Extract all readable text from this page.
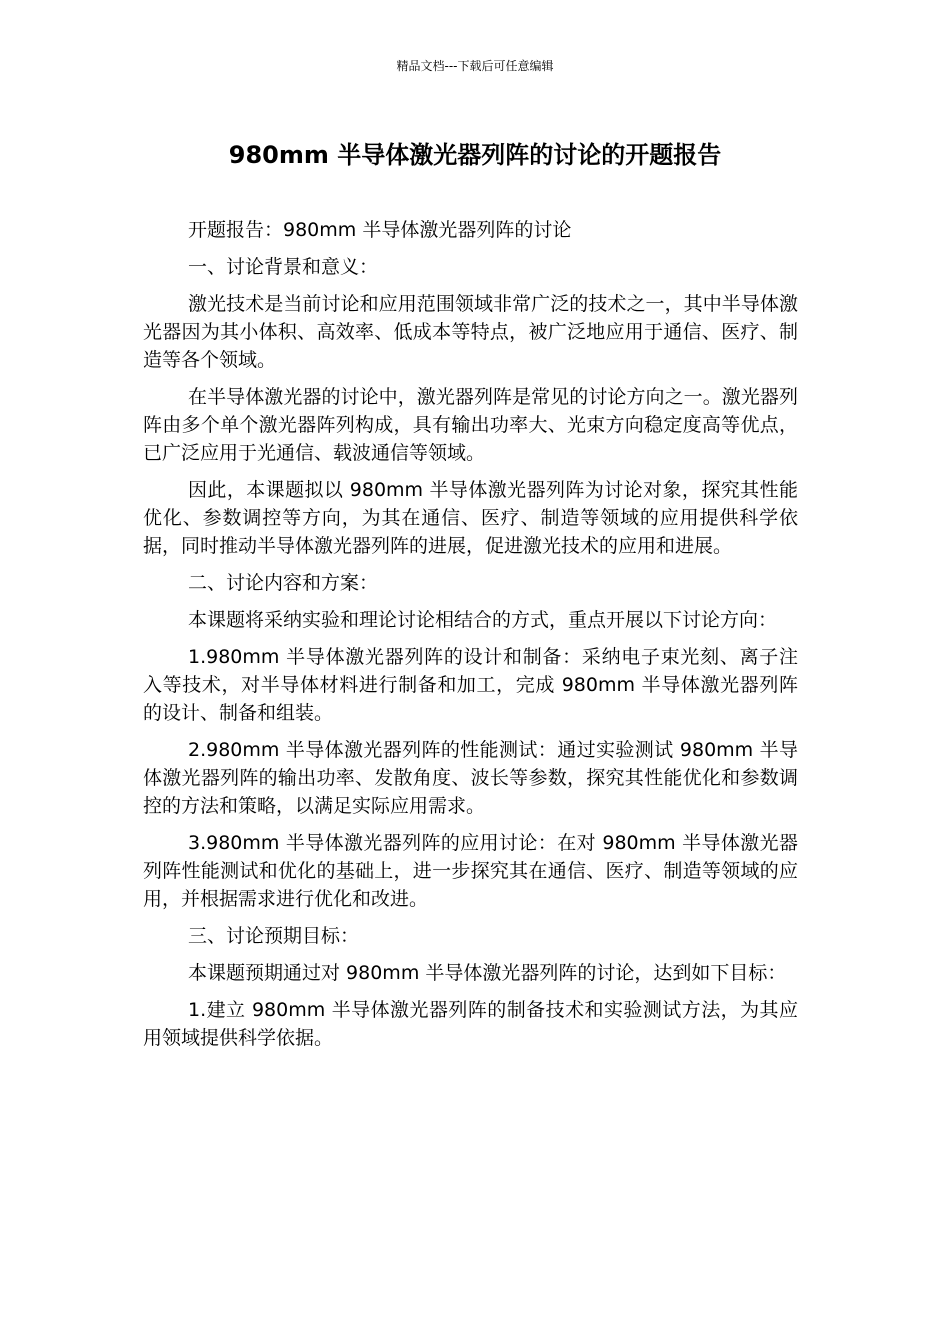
精品文档---下载后可任意编辑
980mm 半导体激光器列阵的讨论的开题报告

开题报告：980mm 半导体激光器列阵的讨论

一、讨论背景和意义：

激光技术是当前讨论和应用范围领域非常广泛的技术之一，其中半导体激光器因为其小体积、高效率、低成本等特点，被广泛地应用于通信、医疗、制造等各个领域。

在半导体激光器的讨论中，激光器列阵是常见的讨论方向之一。激光器列阵由多个单个激光器阵列构成，具有输出功率大、光束方向稳定度高等优点，已广泛应用于光通信、载波通信等领域。

因此，本课题拟以 980mm 半导体激光器列阵为讨论对象，探究其性能优化、参数调控等方向，为其在通信、医疗、制造等领域的应用提供科学依据，同时推动半导体激光器列阵的进展，促进激光技术的应用和进展。

二、讨论内容和方案：

本课题将采纳实验和理论讨论相结合的方式，重点开展以下讨论方向：

1.980mm 半导体激光器列阵的设计和制备：采纳电子束光刻、离子注入等技术，对半导体材料进行制备和加工，完成 980mm 半导体激光器列阵的设计、制备和组装。

2.980mm 半导体激光器列阵的性能测试：通过实验测试 980mm 半导体激光器列阵的输出功率、发散角度、波长等参数，探究其性能优化和参数调控的方法和策略，以满足实际应用需求。

3.980mm 半导体激光器列阵的应用讨论：在对 980mm 半导体激光器列阵性能测试和优化的基础上，进一步探究其在通信、医疗、制造等领域的应用，并根据需求进行优化和改进。

三、讨论预期目标：

本课题预期通过对 980mm 半导体激光器列阵的讨论，达到如下目标：

1.建立 980mm 半导体激光器列阵的制备技术和实验测试方法，为其应用领域提供科学依据。
